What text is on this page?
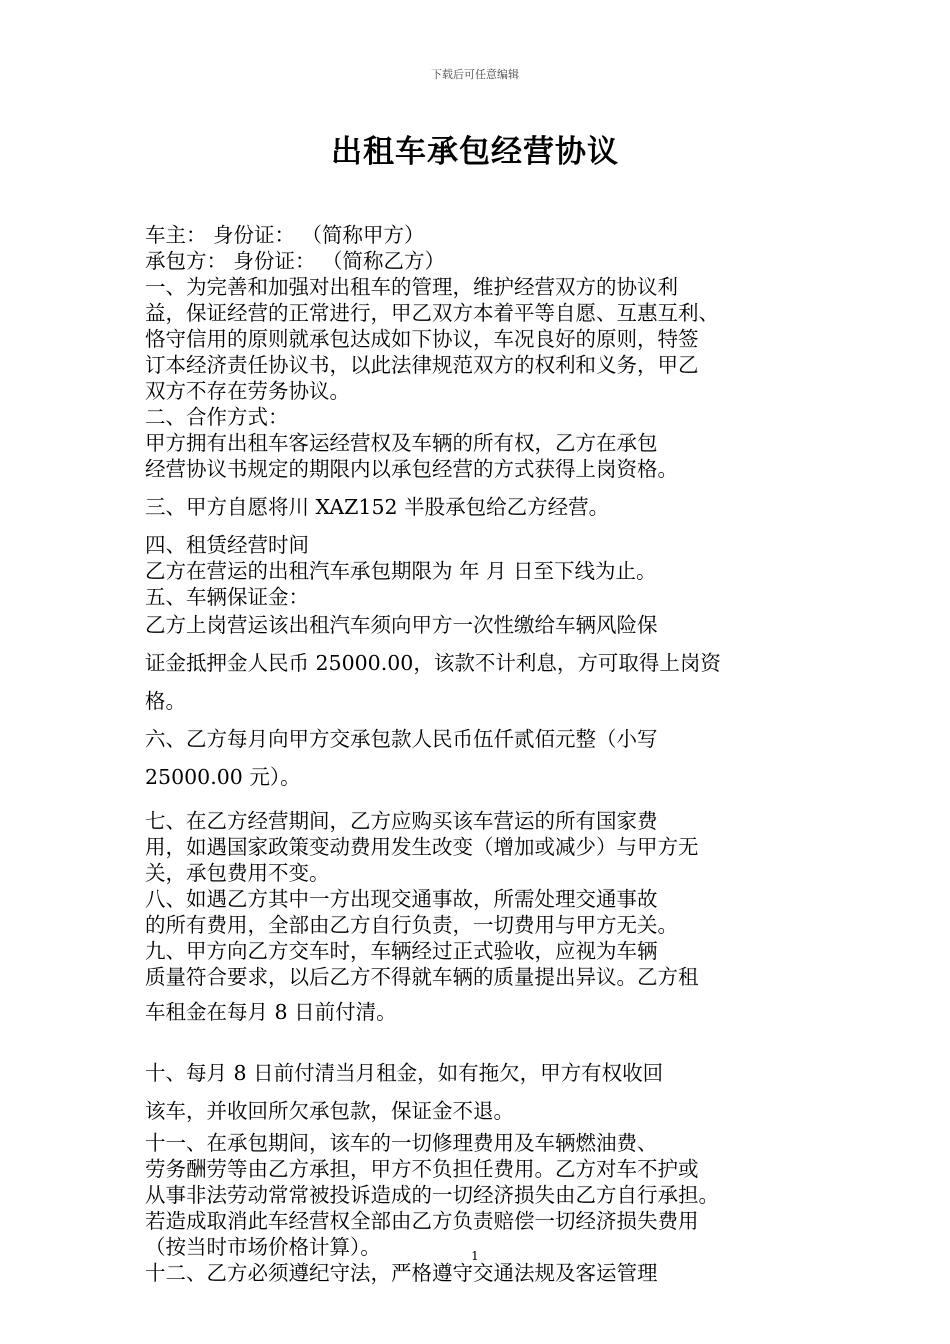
下载后可任意编辑
出租车承包经营协议
车主： 身份证： （简称甲方）
承包方： 身份证： （简称乙方）
一、为完善和加强对出租车的管理，维护经营双方的协议利
益，保证经营的正常进行，甲乙双方本着平等自愿、互惠互利、
恪守信用的原则就承包达成如下协议，车况良好的原则，特签
订本经济责任协议书，以此法律规范双方的权利和义务，甲乙
双方不存在劳务协议。
二、合作方式：
甲方拥有出租车客运经营权及车辆的所有权，乙方在承包
经营协议书规定的期限内以承包经营的方式获得上岗资格。
三、甲方自愿将川 XAZ152 半股承包给乙方经营。
四、租赁经营时间
乙方在营运的出租汽车承包期限为 年 月 日至下线为止。
五、车辆保证金：
乙方上岗营运该出租汽车须向甲方一次性缴给车辆风险保
证金抵押金人民币 25000.00，该款不计利息，方可取得上岗资
格。
六、乙方每月向甲方交承包款人民币伍仟贰佰元整（小写
25000.00 元）。
七、在乙方经营期间，乙方应购买该车营运的所有国家费
用，如遇国家政策变动费用发生改变（增加或减少）与甲方无
关，承包费用不变。
八、如遇乙方其中一方出现交通事故，所需处理交通事故
的所有费用，全部由乙方自行负责，一切费用与甲方无关。
九、甲方向乙方交车时，车辆经过正式验收，应视为车辆
质量符合要求，以后乙方不得就车辆的质量提出异议。乙方租
车租金在每月 8 日前付清。
十、每月 8 日前付清当月租金，如有拖欠，甲方有权收回
该车，并收回所欠承包款，保证金不退。
十一、在承包期间，该车的一切修理费用及车辆燃油费、
劳务酬劳等由乙方承担，甲方不负担任费用。乙方对车不护或
从事非法劳动常常被投诉造成的一切经济损失由乙方自行承担。
若造成取消此车经营权全部由乙方负责赔偿一切经济损失费用
（按当时市场价格计算）。
十二、乙方必须遵纪守法，严格遵守交通法规及客运管理
1
